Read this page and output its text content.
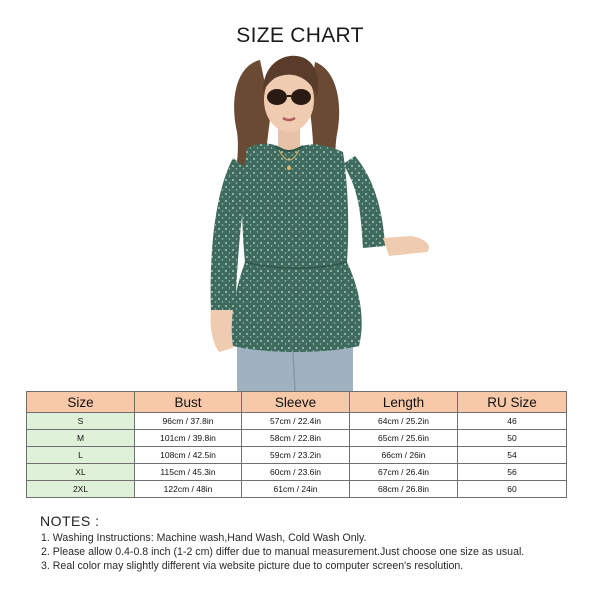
SIZE CHART
Size	Bust	Sleeve	Length	RU Size
S	96cm / 37.8in	57cm / 22.4in	64cm / 25.2in	46
M	101cm / 39.8in	58cm / 22.8in	65cm / 25.6in	50
L	108cm / 42.5in	59cm / 23.2in	66cm / 26in	54
XL	115cm / 45.3in	60cm / 23.6in	67cm / 26.4in	56
2XL	122cm / 48in	61cm / 24in	68cm / 26.8in	60
NOTES :
1. Washing Instructions: Machine wash,Hand Wash, Cold Wash Only.
2. Please allow 0.4-0.8 inch (1-2 cm) differ due to manual measurement.Just choose one size as usual.
3. Real color may slightly different via website picture due to computer screen's resolution.
